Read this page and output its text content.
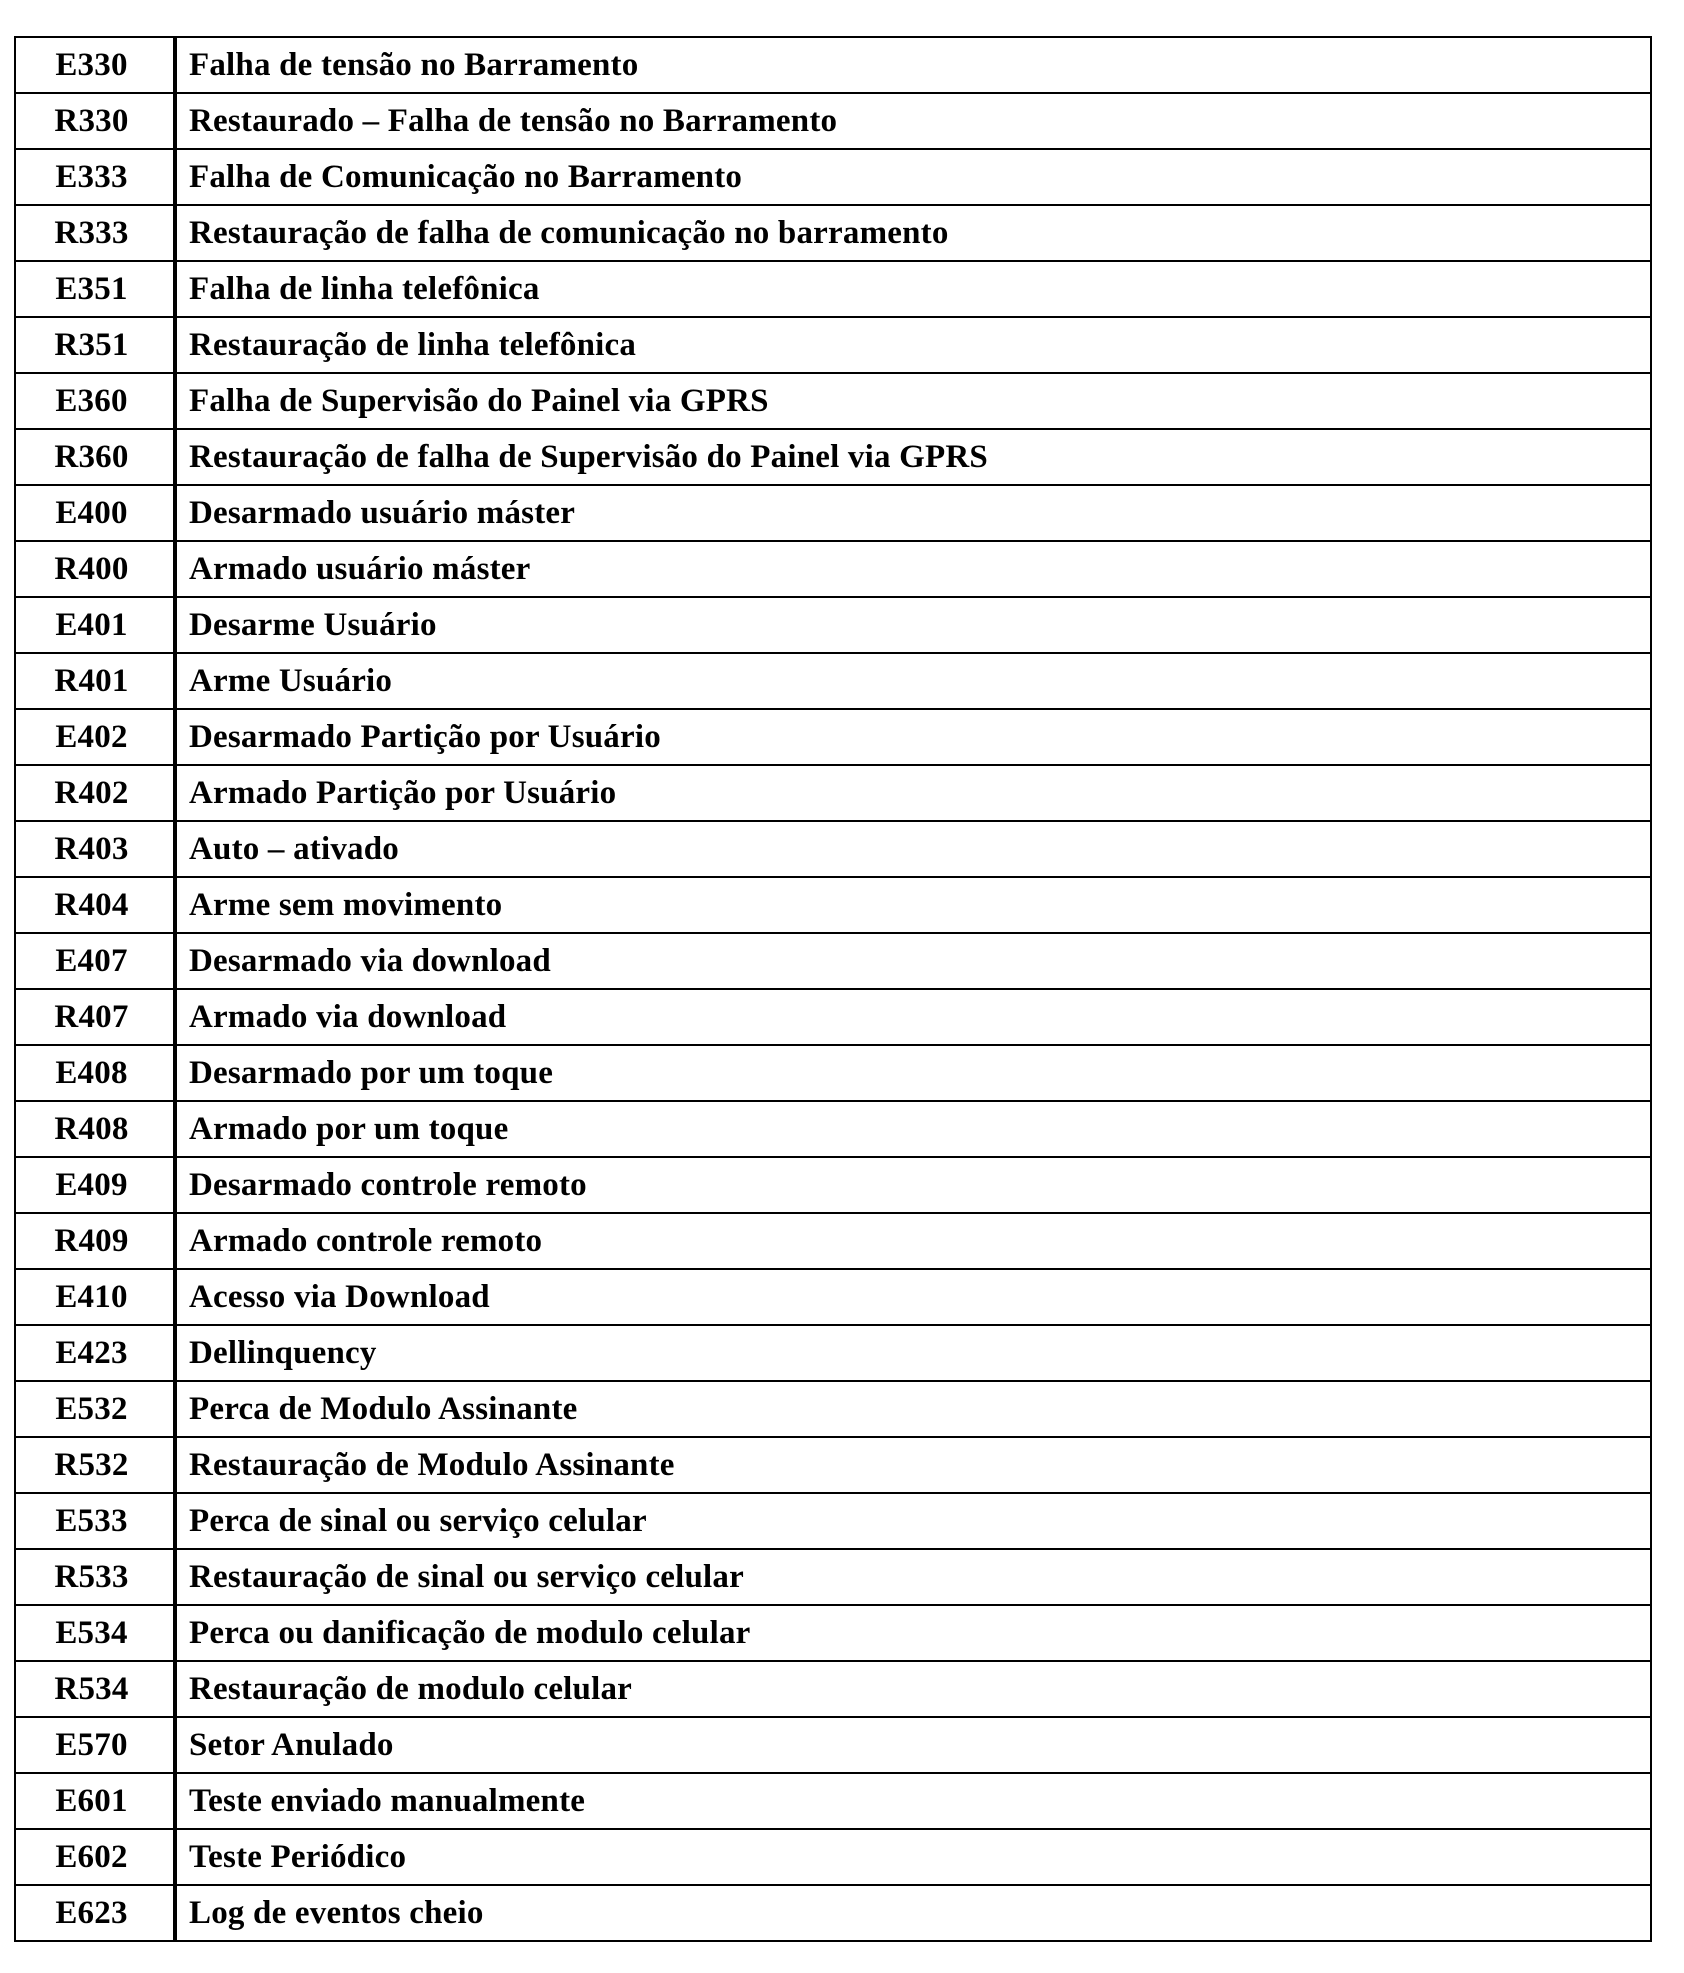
E330	Falha de tensão no Barramento
R330	Restaurado – Falha de tensão no Barramento
E333	Falha de Comunicação no Barramento
R333	Restauração de falha de comunicação no barramento
E351	Falha de linha telefônica
R351	Restauração de linha telefônica
E360	Falha de Supervisão do Painel via GPRS
R360	Restauração de falha de Supervisão do Painel via GPRS
E400	Desarmado usuário máster
R400	Armado usuário máster
E401	Desarme Usuário
R401	Arme Usuário
E402	Desarmado Partição por Usuário
R402	Armado Partição por Usuário
R403	Auto – ativado
R404	Arme sem movimento
E407	Desarmado via download
R407	Armado via download
E408	Desarmado por um toque
R408	Armado por um toque
E409	Desarmado controle remoto
R409	Armado controle remoto
E410	Acesso via Download
E423	Dellinquency
E532	Perca de Modulo Assinante
R532	Restauração de Modulo Assinante
E533	Perca de sinal ou serviço celular
R533	Restauração de sinal ou serviço celular
E534	Perca ou danificação de modulo celular
R534	Restauração de modulo celular
E570	Setor Anulado
E601	Teste enviado manualmente
E602	Teste Periódico
E623	Log de eventos cheio
